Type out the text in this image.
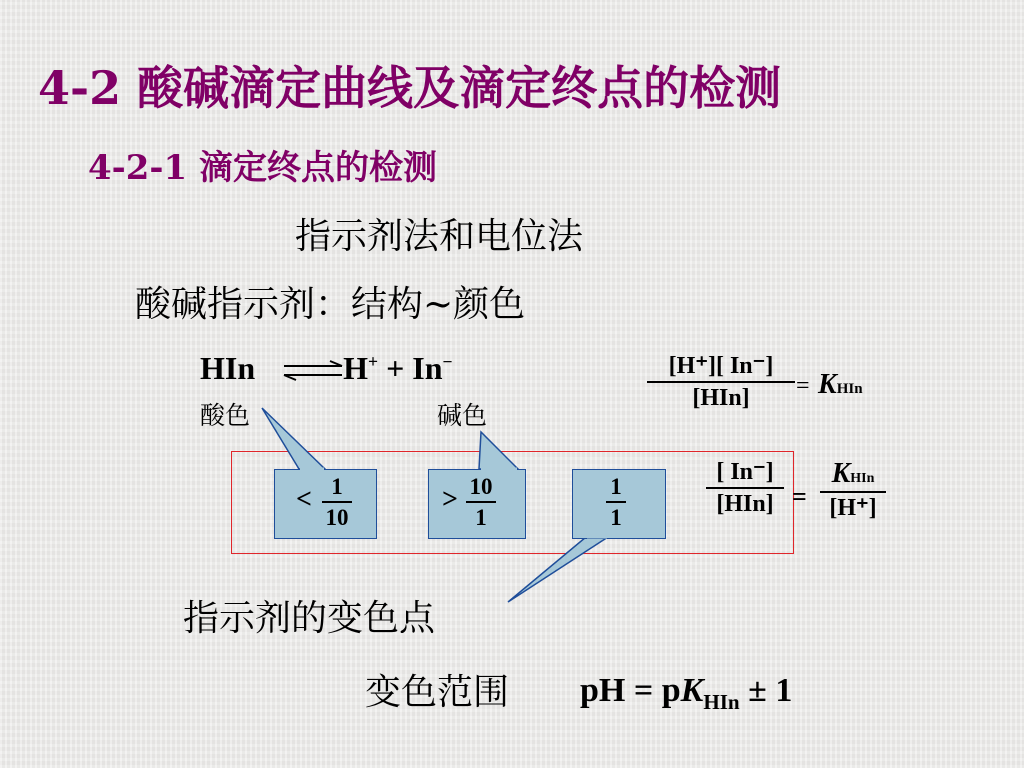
4-2 酸碱滴定曲线及滴定终点的检测
4-2-1 滴定终点的检测
指示剂法和电位法
酸碱指示剂：结构~颜色
HIn	H+ + In−
酸色	碱色
[H⁺][ In⁻]
[HIn] = KHIn
< 1
10
> 10
1
1
1
[ In⁻]
[HIn] =
KHIn
[H⁺]
指示剂的变色点
变色范围 pH = $pK_{HIn} \pm 1$
